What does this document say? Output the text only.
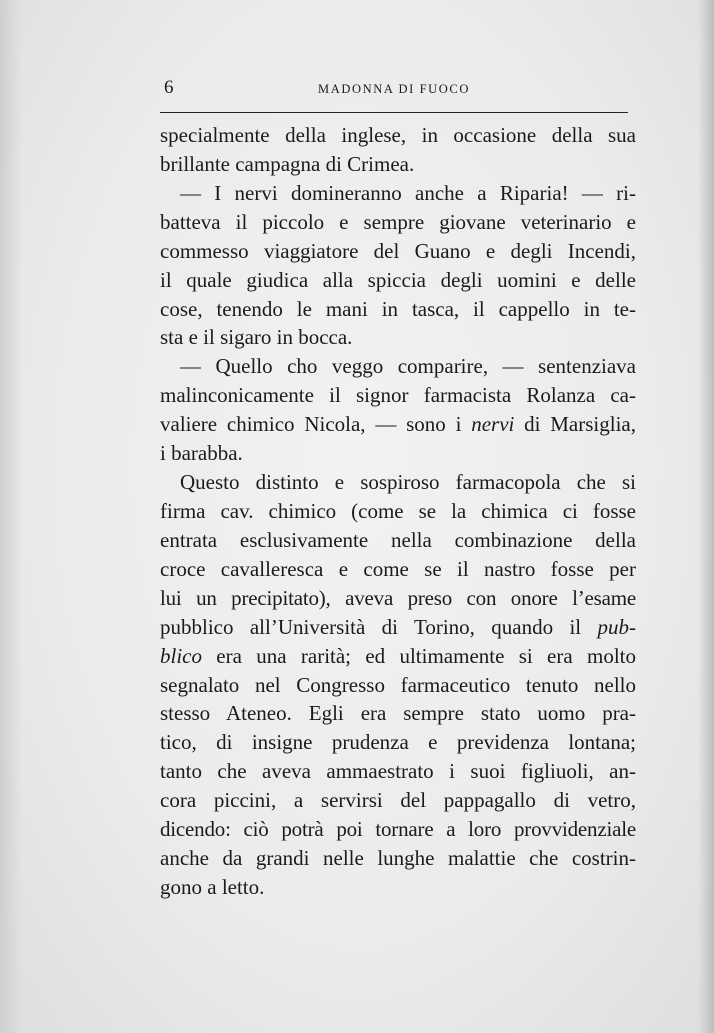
6	MADONNA DI FUOCO
specialmente della inglese, in occasione della sua
brillante campagna di Crimea.
— I nervi domineranno anche a Riparia! — ri-
batteva il piccolo e sempre giovane veterinario e
commesso viaggiatore del Guano e degli Incendi,
il quale giudica alla spiccia degli uomini e delle
cose, tenendo le mani in tasca, il cappello in te-
sta e il sigaro in bocca.
— Quello cho veggo comparire, — sentenziava
malinconicamente il signor farmacista Rolanza ca-
valiere chimico Nicola, — sono i nervi di Marsiglia,
i barabba.
Questo distinto e sospiroso farmacopola che si
firma cav. chimico (come se la chimica ci fosse
entrata esclusivamente nella combinazione della
croce cavalleresca e come se il nastro fosse per
lui un precipitato), aveva preso con onore l’esame
pubblico all’Università di Torino, quando il pub-
blico era una rarità; ed ultimamente si era molto
segnalato nel Congresso farmaceutico tenuto nello
stesso Ateneo. Egli era sempre stato uomo pra-
tico, di insigne prudenza e previdenza lontana;
tanto che aveva ammaestrato i suoi figliuoli, an-
cora piccini, a servirsi del pappagallo di vetro,
dicendo: ciò potrà poi tornare a loro provvidenziale
anche da grandi nelle lunghe malattie che costrin-
gono a letto.
